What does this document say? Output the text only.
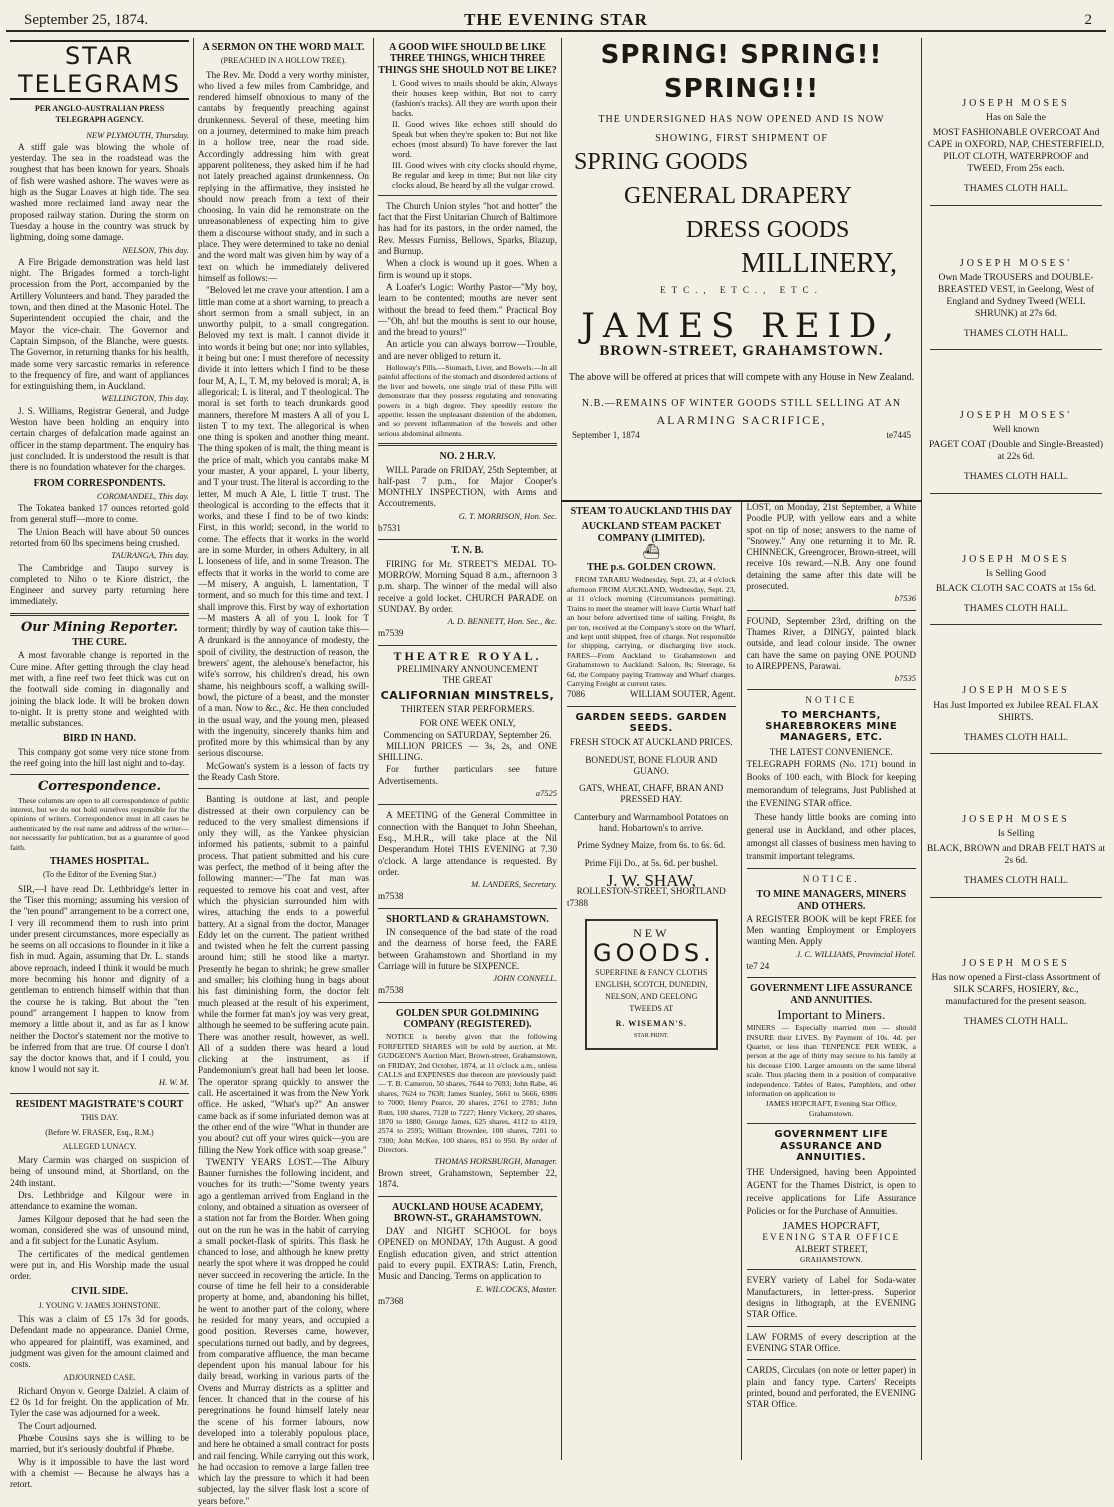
September 25, 1874.	THE EVENING STAR	2
STAR TELEGRAMS
PER ANGLO-AUSTRALIAN PRESS TELEGRAPH AGENCY.
NEW PLYMOUTH, Thursday.

A stiff gale was blowing the whole of yesterday. The sea in the roadstead was the roughest that has been known for years. Shoals of fish were washed ashore. The waves were as high as the Sugar Loaves at high tide. The sea washed more reclaimed land away near the proposed railway station. During the storm on Tuesday a house in the country was struck by lightning, doing some damage.

NELSON, This day.

A Fire Brigade demonstration was held last night. The Brigades formed a torch-light procession from the Port, accompanied by the Artillery Volunteers and band. They paraded the town, and then dined at the Masonic Hotel. The Superintendent occupied the chair, and the Mayor the vice-chair. The Governor and Captain Simpson, of the Blanche, were guests. The Governor, in returning thanks for his health, made some very sarcastic remarks in reference to the frequency of fire, and want of appliances for extinguishing them, in Auckland.

WELLINGTON, This day.

J. S. Williams, Registrar General, and Judge Weston have been holding an enquiry into certain charges of defalcation made against an officer in the stamp department. The enquiry has just concluded. It is understood the result is that there is no foundation whatever for the charges.

FROM CORRESPONDENTS.
COROMANDEL, This day.

The Tokatea banked 17 ounces retorted gold from general stuff—more to come.

The Union Beach will have about 50 ounces retorted from 60 lbs specimens being crushed.

TAURANGA, This day.

The Cambridge and Taupo survey is completed to Niho o te Kiore district, the Engineer and survey party returning here immediately.

Our Mining Reporter.
THE CURE.

A most favorable change is reported in the Cure mine. After getting through the clay head met with, a fine reef two feet thick was cut on the footwall side coming in diagonally and joining the black lode. It will be broken down to-night. It is pretty stone and weighted with metallic substances.

BIRD IN HAND.

This company got some very nice stone from the reef going into the hill last night and to-day.

Correspondence.

These columns are open to all correspondence of public interest, but we do not hold ourselves responsible for the opinions of writers. Correspondence must in all cases be authenticated by the real name and address of the writer—not necessarily for publication, but as a guarantee of good faith.

THAMES HOSPITAL.
(To the Editor of the Evening Star.)

SIR,—I have read Dr. Lethbridge's letter in the 'Tiser this morning; assuming his version of the "ten pound" arrangement to be a correct one, I very ill recommend them to rush into print under present circumstances, more especially as he seems on all occasions to flounder in it like a fish in mud. Again, assuming that Dr. L. stands above reproach, indeed I think it would be much more becoming his honor and dignity of a gentleman to entrench himself within that than the course he is taking. But about the "ten pound" arrangement I happen to know from memory a little about it, and as far as I know neither the Doctor's statement nor the motive to be inferred from that are true. Of course I don't say the doctor knows that, and if I could, you know I would not say it.

H. W. M.
RESIDENT MAGISTRATE'S COURT
THIS DAY.
(Before W. FRASER, Esq., R.M.)
ALLEGED LUNACY.

Mary Carmin was charged on suspicion of being of unsound mind, at Shortland, on the 24th instant.

Drs. Lethbridge and Kilgour were in attendance to examine the woman.

James Kilgour deposed that he had seen the woman, considered she was of unsound mind, and a fit subject for the Lunatic Asylum.

The certificates of the medical gentlemen were put in, and His Worship made the usual order.

CIVIL SIDE.
J. YOUNG V. JAMES JOHNSTONE.

This was a claim of £5 17s 3d for goods. Defendant made no appearance. Daniel Orme, who appeared for plaintiff, was examined, and judgment was given for the amount claimed and costs.

ADJOURNED CASE.

Richard Onyon v. George Dalziel. A claim of £2 0s 1d for freight. On the application of Mr. Tyler the case was adjourned for a week.

The Court adjourned.

Phœbe Cousins says she is willing to be married, but it's seriously doubtful if Phœbe.

Why is it impossible to have the last word with a chemist — Because he always has a retort.

A SERMON ON THE WORD MALT.
(PREACHED IN A HOLLOW TREE).

The Rev. Mr. Dodd a very worthy minister, who lived a few miles from Cambridge, and rendered himself obnoxious to many of the cantabs by frequently preaching against drunkenness. Several of these, meeting him on a journey, determined to make him preach in a hollow tree, near the road side. Accordingly addressing him with great apparent politeness, they asked him if he had not lately preached against drunkenness. On replying in the affirmative, they insisted he should now preach from a text of their choosing. In vain did he remonstrate on the unreasonableness of expecting him to give them a discourse without study, and in such a place. They were determined to take no denial and the word malt was given him by way of a text on which he immediately delivered himself as follows:—

"Beloved let me crave your attention. I am a little man come at a short warning, to preach a short sermon from a small subject, in an unworthy pulpit, to a small congregation. Beloved my text is malt. I cannot divide it into words it being but one; nor into syllables, it being but one: I must therefore of necessity divide it into letters which I find to be these four M, A, L, T. M, my beloved is moral; A, is allegorical; L is literal, and T theological. The moral is set forth to teach drunkards good manners, therefore M masters A all of you L listen T to my text. The allegorical is when one thing is spoken and another thing meant. The thing spoken of is malt, the thing meant is the price of malt, which you cantabs make M your master, A your apparel, L your liberty, and T your trust. The literal is according to the letter, M much A Ale, L little T trust. The theological is according to the effects that it works, and these I find to be of two kinds: First, in this world; second, in the world to come. The effects that it works in the world are in some Murder, in others Adultery, in all L looseness of life, and in some Treason. The effects that it works in the world to come are—M misery, A anguish, L lamentation, T torment, and so much for this time and text. I shall improve this. First by way of exhortation—M masters A all of you L look for T torment; thirdly by way of caution take this—A drunkard is the annoyance of modesty, the spoil of civility, the destruction of reason, the brewers' agent, the alehouse's benefactor, his wife's sorrow, his children's dread, his own shame, his neighbours scoff, a walking swill-bowl, the picture of a beast, and the monster of a man. Now to &c., &c. He then concluded in the usual way, and the young men, pleased with the ingenuity, sincerely thanks him and profited more by this whimsical than by any serious discourse.

McGowan's system is a lesson of facts try the Ready Cash Store.

Banting is outdone at last, and people distressed at their own corpulency can be reduced to the very smallest dimensions if only they will, as the Yankee physician informed his patients, submit to a painful process. That patient submitted and his cure was perfect, the method of it being after the following manner:—"The fat man was requested to remove his coat and vest, after which the physician surrounded him with wires, attaching the ends to a powerful battery. At a signal from the doctor, Manager Eddy let on the current. The patient writhed and twisted when he felt the current passing around him; still he stood like a martyr. Presently he began to shrink; he grew smaller and smaller; his clothing hung in bags about his fast diminishing form, the doctor felt much pleased at the result of his experiment, while the former fat man's joy was very great, although he seemed to be suffering acute pain. There was another result, however, as well. All of a sudden there was heard a loud clicking at the instrument, as if Pandemonium's great hall had been let loose. The operator sprang quickly to answer the call. He ascertained it was from the New York office. He asked, "What's up?" An answer came back as if some infuriated demon was at the other end of the wire "What in thunder are you about? cut off your wires quick—you are filling the New York office with soap grease."

TWENTY YEARS LOST.—The Albury Banner furnishes the following incident, and vouches for its truth:—"Some twenty years ago a gentleman arrived from England in the colony, and obtained a situation as overseer of a station not far from the Border. When going out on the run he was in the habit of carrying a small pocket-flask of spirits. This flask he chanced to lose, and although he knew pretty nearly the spot where it was dropped he could never succeed in recovering the article. In the course of time he fell heir to a considerable property at home, and, abandoning his billet, he went to another part of the colony, where he resided for many years, and occupied a good position. Reverses came, however, speculations turned out badly, and by degrees, from comparative affluence, the man became dependent upon his manual labour for his daily bread, working in various parts of the Ovens and Murray districts as a splitter and fencer. It chanced that in the course of his peregrinations he found himself lately near the scene of his former labours, now developed into a tolerably populous place, and here he obtained a small contract for posts and rail fencing. While carrying out this work, he had occasion to remove a large fallen tree which lay the pressure to which it had been subjected, lay the silver flask lost a score of years before."

A GOOD WIFE SHOULD BE LIKE THREE THINGS, WHICH THREE THINGS SHE SHOULD NOT BE LIKE?

I. Good wives to snails should be akin, Always their houses keep within, But not to carry (fashion's tracks). All they are worth upon their backs.

II. Good wives like echoes still should do Speak but when they're spoken to: But not like echoes (most absurd) To have forever the last word.

III. Good wives with city clocks should rhyme, Be regular and keep in time; But not like city clocks aloud, Be heard by all the vulgar crowd.

The Church Union styles "hot and hotter" the fact that the First Unitarian Church of Baltimore has had for its pastors, in the order named, the Rev. Messrs Furniss, Bellows, Sparks, Blazup, and Burnup.

When a clock is wound up it goes. When a firm is wound up it stops.

A Loafer's Logic: Worthy Pastor—"My boy, learn to be contented; mouths are never sent without the bread to feed them." Practical Boy—"Oh, ah! but the mouths is sent to our house, and the bread to yours!"

An article you can always borrow—Trouble, and are never obliged to return it.

Holloway's Pills.—Stomach, Liver, and Bowels.—In all painful affections of the stomach and disordered actions of the liver and bowels, one single trial of these Pills will demonstrate that they possess regulating and renovating powers in a high degree. They speedily restore the appetite, lessen the unpleasant distention of the abdomen, and so prevent inflammation of the bowels and other serious abdominal ailments.

NO. 2 H.R.V.

WILL Parade on FRIDAY, 25th September, at half-past 7 p.m., for Major Cooper's MONTHLY INSPECTION, with Arms and Accoutrements.

G. T. MORRISON, Hon. Sec.

b7531

T. N. B.

FIRING for Mr. STREET'S MEDAL TO-MORROW. Morning Squad 8 a.m., afternoon 3 p.m. sharp. The winner of the medal will also receive a gold locket. CHURCH PARADE on SUNDAY. By order.

A. D. BENNETT, Hon. Sec., &c.

m7539

THEATRE ROYAL.
PRELIMINARY ANNOUNCEMENT
THE GREAT
CALIFORNIAN MINSTRELS,
THIRTEEN STAR PERFORMERS.
FOR ONE WEEK ONLY,
Commencing on SATURDAY, September 26.

MILLION PRICES — 3s, 2s, and ONE SHILLING.

For further particulars see future Advertisements.

a7525

A MEETING of the General Committee in connection with the Banquet to John Sheehan, Esq., M.H.R., will take place at the Nil Desperandum Hotel THIS EVENING at 7.30 o'clock. A large attendance is requested. By order.

M. LANDERS, Secretary.

m7538

SHORTLAND & GRAHAMSTOWN.

IN consequence of the bad state of the road and the dearness of horse feed, the FARE between Grahamstown and Shortland in my Carriage will in future be SIXPENCE.

JOHN CONNELL.

m7538

GOLDEN SPUR GOLDMINING COMPANY (REGISTERED).

NOTICE is hereby given that the following FORFEITED SHARES will be sold by auction, at Mr. GUDGEON'S Auction Mart, Brown-street, Grahamstown, on FRIDAY, 2nd October, 1874, at 11 o'clock a.m., unless CALLS and EXPENSES due thereon are previously paid:— T. B. Cameron, 50 shares, 7644 to 7693; John Rabe, 46 shares, 7624 to 7638; James Stanley, 5661 to 5666, 6986 to 7000; Henry Pearce, 20 shares, 2761 to 2781; John Rutn, 100 shares, 7128 to 7227; Henry Vickery, 20 shares, 1870 to 1880; George James, 625 shares, 4112 to 4119, 2574 to 2595; William Brownlee, 100 shares, 7201 to 7300; John McKee, 100 shares, 851 to 950. By order of Directors.

THOMAS HORSBURGH, Manager.

Brown street, Grahamstown, September 22, 1874.

AUCKLAND HOUSE ACADEMY, BROWN-ST., GRAHAMSTOWN.

DAY and NIGHT SCHOOL for boys OPENED on MONDAY, 17th August. A good English education given, and strict attention paid to every pupil. EXTRAS: Latin, French, Music and Dancing. Terms on application to

E. WILCOCKS, Master.

m7368

SPRING! SPRING!! SPRING!!!
THE UNDERSIGNED HAS NOW OPENED AND IS NOW
SHOWING, FIRST SHIPMENT OF
SPRING GOODS
GENERAL DRAPERY
DRESS GOODS
MILLINERY,
ETC., ETC., ETC.
JAMES REID,
BROWN-STREET, GRAHAMSTOWN.
The above will be offered at prices that will compete with any House in New Zealand.
N.B.—REMAINS OF WINTER GOODS STILL SELLING AT AN
ALARMING SACRIFICE,
September 1, 1874	te7445
STEAM TO AUCKLAND THIS DAY
AUCKLAND STEAM PACKET COMPANY (LIMITED).
⛴
THE p.s. GOLDEN CROWN.

FROM TARARU Wednesday, Sept. 23, at 4 o'clock afternoon FROM AUCKLAND, Wednesday, Sept. 23, at 11 o'clock morning (Circumstances permitting). Trains to meet the steamer will leave Curtis Wharf half an hour before advertised time of sailing. Freight, 8s per ton, received at the Company's store on the Wharf, and kept until shipped, free of charge. Not responsible for shipping, carrying, or discharging live stock. FARES—From Auckland to Grahamstown and Grahamstown to Auckland: Saloon, 8s; Steerage, 6s 6d, the Company paying Tramway and Wharf charges. Carrying Freight at current rates.

7086	WILLIAM SOUTER, Agent.
GARDEN SEEDS. GARDEN SEEDS.
FRESH STOCK AT AUCKLAND PRICES.
BONEDUST, BONE FLOUR AND GUANO.
GATS, WHEAT, CHAFF, BRAN AND PRESSED HAY.
Canterbury and Warrnambool Potatoes on hand. Hobartown's to arrive.
Prime Sydney Maize, from 6s. to 6s. 6d.
Prime Fiji Do., at 5s. 6d. per bushel.
J. W. SHAW,
ROLLESTON-STREET, SHORTLAND

t7388

NEW
GOODS.
SUPERFINE & FANCY CLOTHS ENGLISH, SCOTCH, DUNEDIN, NELSON, AND GEELONG TWEEDS AT
R. WISEMAN'S.
STAR PRINT.

LOST, on Monday, 21st September, a White Poodle PUP, with yellow ears and a white spot on tip of nose; answers to the name of "Snowey." Any one returning it to Mr. R. CHINNECK, Greengrocer, Brown-street, will receive 10s reward.—N.B. Any one found detaining the same after this date will be prosecuted.

b7536

FOUND, September 23rd, drifting on the Thames River, a DINGY, painted black outside, and lead colour inside. The owner can have the same on paying ONE POUND to AIREPPENS, Parawai.

b7535
NOTICE
TO MERCHANTS, SHAREBROKERS MINE MANAGERS, ETC.
THE LATEST CONVENIENCE.

TELEGRAPH FORMS (No. 171) bound in Books of 100 each, with Block for keeping memorandum of telegrams, Just Published at the EVENING STAR office.

These handy little books are coming into general use in Auckland, and other places, amongst all classes of business men having to transmit important telegrams.

NOTICE.
TO MINE MANAGERS, MINERS AND OTHERS.

A REGISTER BOOK will be kept FREE for Men wanting Employment or Employers wanting Men. Apply

J. C. WILLIAMS, Provincial Hotel.

te7 24

GOVERNMENT LIFE ASSURANCE AND ANNUITIES.
Important to Miners.

MINERS — Especially married men — should INSURE their LIVES. By Payment of 10s. 4d. per Quarter, or less than TENPENCE PER WEEK, a person at the age of thirty may secure to his family at his decease £100. Larger amounts on the same liberal scale. Thus placing them in a position of comparative independence. Tables of Rates, Pamphlets, and other information on application to

JAMES HOPCRAFT, Evening Star Office, Grahamstown.
GOVERNMENT LIFE ASSURANCE AND ANNUITIES.

THE Undersigned, having been Appointed AGENT for the Thames District, is open to receive applications for Life Assurance Policies or for the Purchase of Annuities.

JAMES HOPCRAFT,
EVENING STAR OFFICE
ALBERT STREET,
GRAHAMSTOWN.

EVERY variety of Label for Soda-water Manufacturers, in letter-press. Superior designs in lithograph, at the EVENING STAR Office.

LAW FORMS of every description at the EVENING STAR Office.

CARDS, Circulars (on note or letter paper) in plain and fancy type. Carters' Receipts printed, bound and perforated, the EVENING STAR Office.

JOSEPH MOSES
Has on Sale the
MOST FASHIONABLE OVERCOAT And CAPE in OXFORD, NAP, CHESTERFIELD, PILOT CLOTH, WATERPROOF and TWEED, From 25s each.
THAMES CLOTH HALL.
JOSEPH MOSES'
Own Made TROUSERS and DOUBLE-BREASTED VEST, in Geelong, West of England and Sydney Tweed (WELL SHRUNK) at 27s 6d.
THAMES CLOTH HALL.
JOSEPH MOSES'
Well known
PAGET COAT (Double and Single-Breasted) at 22s 6d.
THAMES CLOTH HALL.
JOSEPH MOSES
Is Selling Good
BLACK CLOTH SAC COATS at 15s 6d.
THAMES CLOTH HALL.
JOSEPH MOSES
Has Just Imported ex Jubilee REAL FLAX SHIRTS.
THAMES CLOTH HALL.
JOSEPH MOSES
Is Selling
BLACK, BROWN and DRAB FELT HATS at 2s 6d.
THAMES CLOTH HALL.
JOSEPH MOSES
Has now opened a First-class Assortment of SILK SCARFS, HOSIERY, &c., manufactured for the present season.
THAMES CLOTH HALL.
